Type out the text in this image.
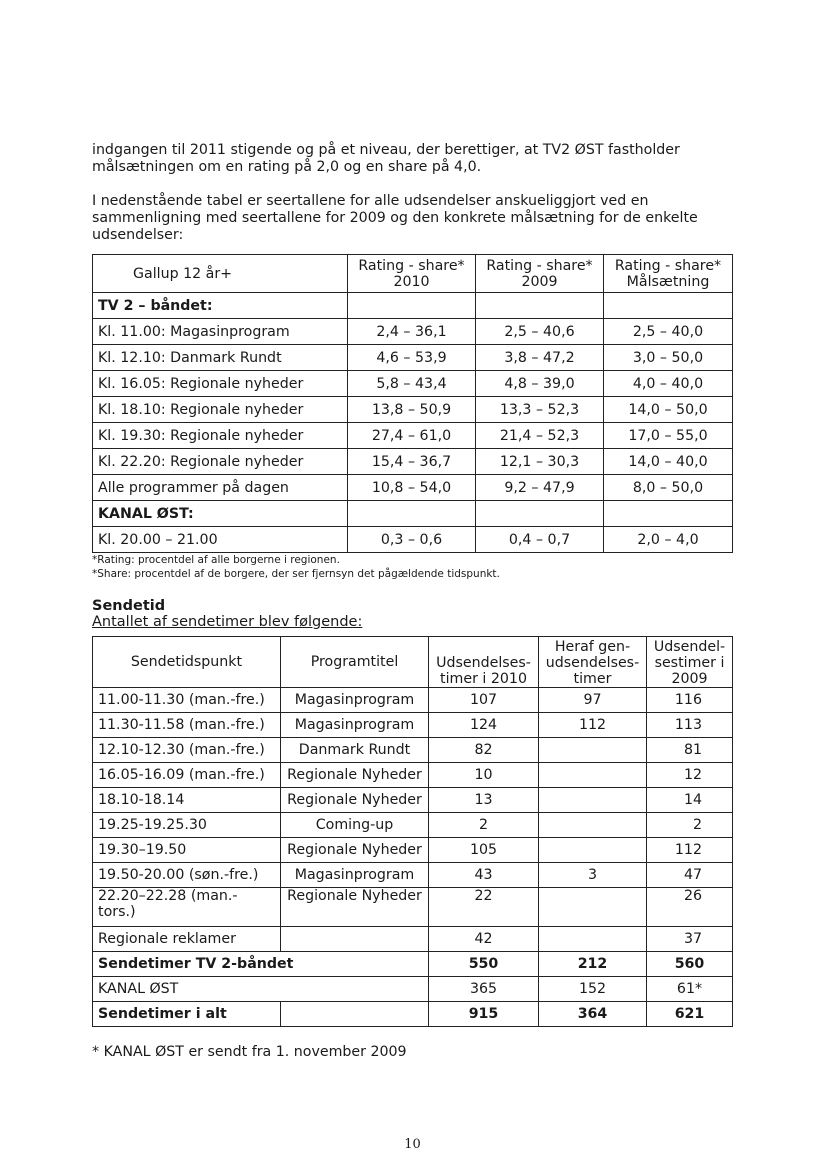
indgangen til 2011 stigende og på et niveau, der berettiger, at TV2 ØST fastholder målsætningen om en rating på 2,0 og en share på 4,0.

I nedenstående tabel er seertallene for alle udsendelser anskueliggjort ved en sammenligning med seertallene for 2009 og den konkrete målsætning for de enkelte udsendelser:

Gallup 12 år+	Rating - share* 2010	Rating - share* 2009	Rating - share* Målsætning
TV 2 – båndet:			
Kl. 11.00: Magasinprogram	2,4 – 36,1	2,5 – 40,6	2,5 – 40,0
Kl. 12.10: Danmark Rundt	4,6 – 53,9	3,8 – 47,2	3,0 – 50,0
Kl. 16.05: Regionale nyheder	5,8 – 43,4	4,8 – 39,0	4,0 – 40,0
Kl. 18.10: Regionale nyheder	13,8 – 50,9	13,3 – 52,3	14,0 – 50,0
Kl. 19.30: Regionale nyheder	27,4 – 61,0	21,4 – 52,3	17,0 – 55,0
Kl. 22.20: Regionale nyheder	15,4 – 36,7	12,1 – 30,3	14,0 – 40,0
Alle programmer på dagen	10,8 – 54,0	9,2 – 47,9	8,0 – 50,0
KANAL ØST:			
Kl. 20.00 – 21.00	0,3 – 0,6	0,4 – 0,7	2,0 – 4,0
*Rating: procentdel af alle borgerne i regionen.
*Share: procentdel af de borgere, der ser fjernsyn det pågældende tidspunkt.
Sendetid
Antallet af sendetimer blev følgende:
Sendetidspunkt	Programtitel	Udsendelses-timer i 2010	Heraf gen-udsendelses-timer	Udsendel-sestimer i 2009
11.00-11.30 (man.-fre.)	Magasinprogram	107	97	116
11.30-11.58 (man.-fre.)	Magasinprogram	124	112	113
12.10-12.30 (man.-fre.)	Danmark Rundt	82		81
16.05-16.09 (man.-fre.)	Regionale Nyheder	10		12
18.10-18.14	Regionale Nyheder	13		14
19.25-19.25.30	Coming-up	2		2
19.30–19.50	Regionale Nyheder	105		112
19.50-20.00 (søn.-fre.)	Magasinprogram	43	3	47
22.20–22.28 (man.-tors.)	Regionale Nyheder	22		26
Regionale reklamer		42		37
Sendetimer TV 2-båndet		550	212	560
KANAL ØST		365	152	61*
Sendetimer i alt		915	364	621
* KANAL ØST er sendt fra 1. november 2009
10
